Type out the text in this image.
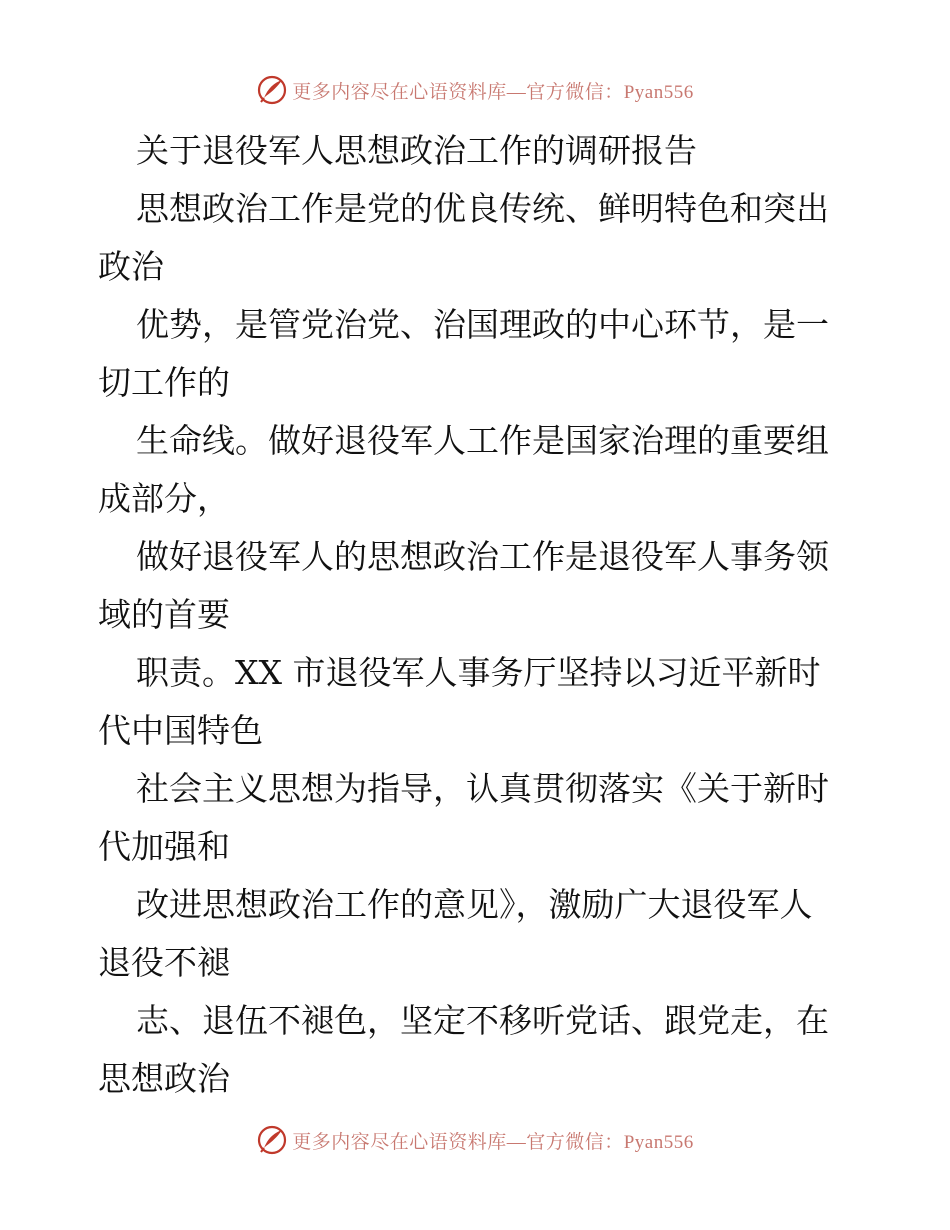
更多内容尽在心语资料库—官方微信：Pyan556

关于退役军人思想政治工作的调研报告

思想政治工作是党的优良传统、鲜明特色和突出

政治

优势，是管党治党、治国理政的中心环节，是一

切工作的

生命线。做好退役军人工作是国家治理的重要组

成部分，

做好退役军人的思想政治工作是退役军人事务领

域的首要

职责。XX 市退役军人事务厅坚持以习近平新时

代中国特色

社会主义思想为指导，认真贯彻落实《关于新时

代加强和

改进思想政治工作的意见》，激励广大退役军人

退役不褪

志、退伍不褪色，坚定不移听党话、跟党走，在

思想政治

更多内容尽在心语资料库—官方微信：Pyan556
